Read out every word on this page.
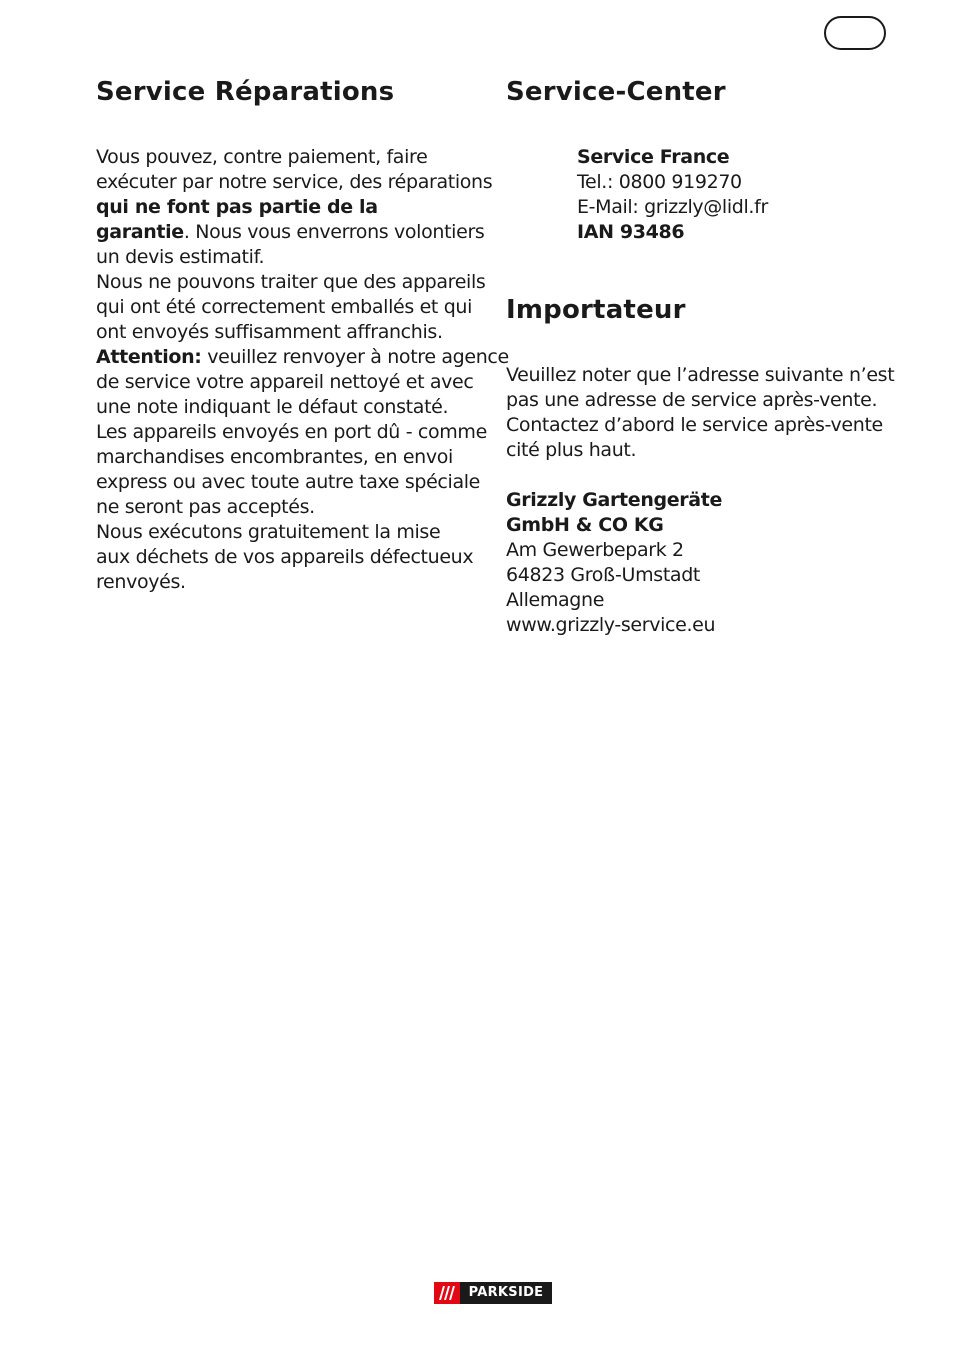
Service Réparations
Vous pouvez, contre paiement, faire
exécuter par notre service, des réparations
qui ne font pas partie de la
garantie. Nous vous enverrons volontiers
un devis estimatif.
Nous ne pouvons traiter que des appareils
qui ont été correctement emballés et qui
ont envoyés suffisamment affranchis.
Attention: veuillez renvoyer à notre agence
de service votre appareil nettoyé et avec
une note indiquant le défaut constaté.
Les appareils envoyés en port dû - comme
marchandises encombrantes, en envoi
express ou avec toute autre taxe spéciale
ne seront pas acceptés.
Nous exécutons gratuitement la mise
aux déchets de vos appareils défectueux
renvoyés.
Service-Center
Service France
Tel.: 0800 919270
E-Mail: grizzly@lidl.fr
IAN 93486
Importateur
Veuillez noter que l’adresse suivante n’est
pas une adresse de service après-vente.
Contactez d’abord le service après-vente
cité plus haut.
Grizzly Gartengeräte
GmbH & CO KG
Am Gewerbepark 2
64823 Groß-Umstadt
Allemagne
www.grizzly-service.eu
PARKSIDE
